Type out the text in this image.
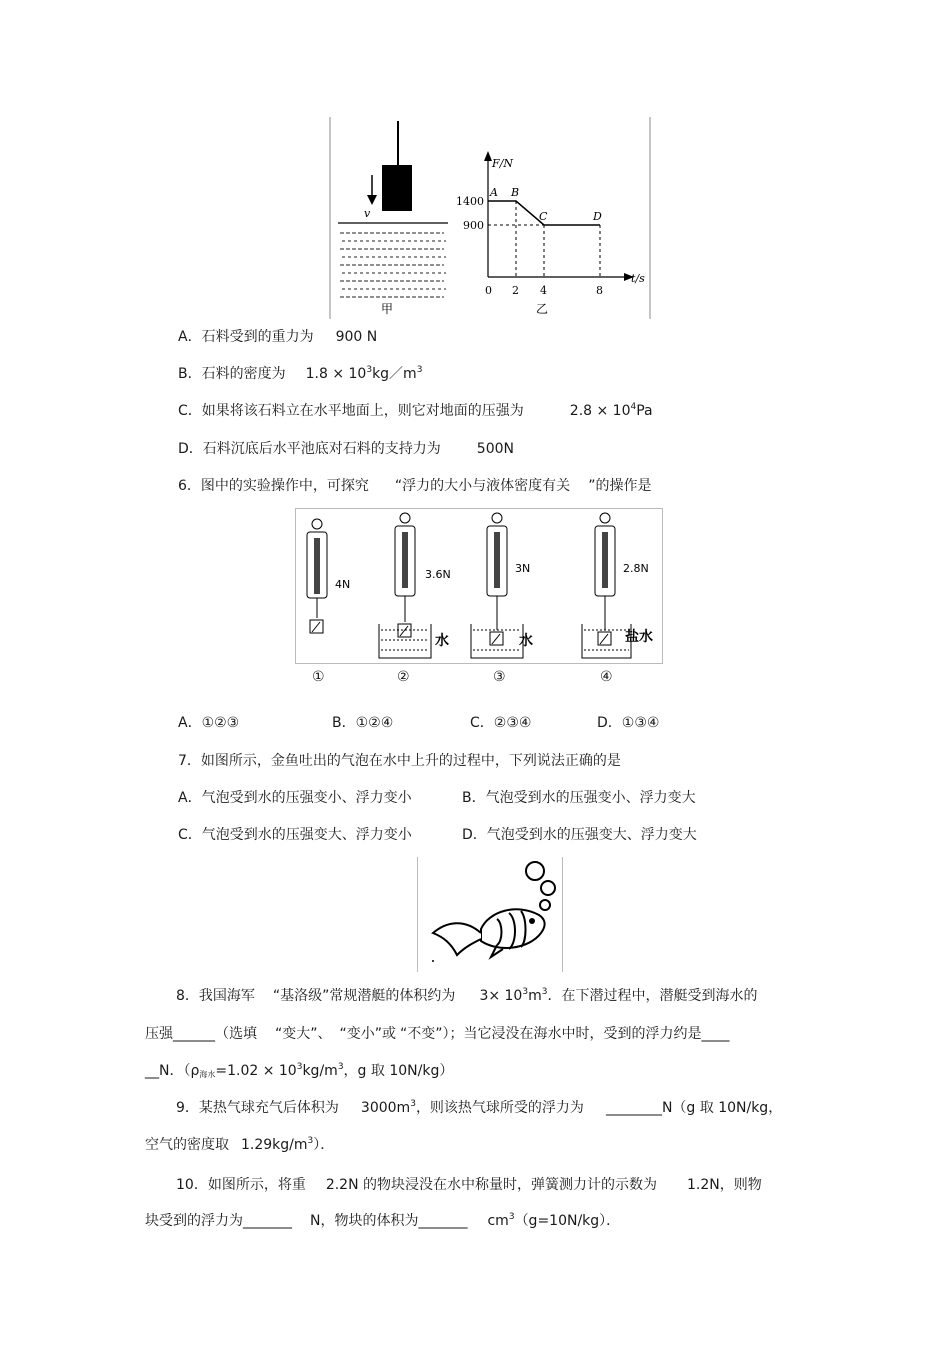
v
甲
F/N
t/s
1400
900
0 2 4	8
乙
A B
C	D
A．石料受到的重力为 900 N
B．石料的密度为 $1.8 \times 10^3kg/m^3$
C．如果将该石料立在水平地面上，则它对地面的压强为	$2.8 \times 10^4Pa$
D．石料沉底后水平池底对石料的支持力为	500N
6．图中的实验操作中，可探究 “浮力的大小与液体密度有关 ”的操作是
4N
3.6N
水
3N
水
2.8N
盐水
①	②	③	④
A．①②③	B．①②④	C．②③④	D．①③④
7．如图所示，金鱼吐出的气泡在水中上升的过程中，下列说法正确的是
A．气泡受到水的压强变小、浮力变小	B．气泡受到水的压强变小、浮力变大
C．气泡受到水的压强变大、浮力变小	D．气泡受到水的压强变大、浮力变大
8．我国海军 “基洛级”常规潜艇的体积约为 $3\times 10^3m^3$．在下潜过程中，潜艇受到海水的
压强______（选填 “变大”、 “变小”或 “不变”）；当它浸没在海水中时，受到的浮力约是____
__N．（$\rho_{海水}=1.02 \times 10^3kg/m^3$，g 取 10N/kg）
9．某热气球充气后体积为 $3000m^3$，则该热气球所受的浮力为 ________N（g 取 10N/kg，
空气的密度取 $1.29kg/m^3$）．
10．如图所示，将重 2.2N 的物块浸没在水中称量时，弹簧测力计的示数为 1.2N，则物
块受到的浮力为_______ N，物块的体积为_______ $cm^3(g=10N/kg)$．
